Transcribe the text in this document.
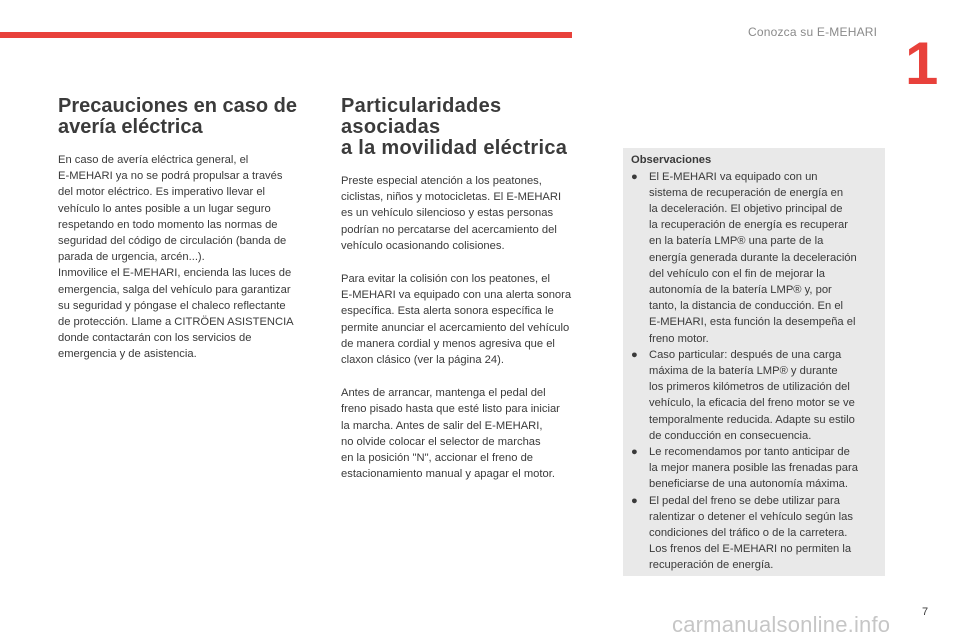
Conozca su E-MEHARI 1
Precauciones en caso de
avería eléctrica

En caso de avería eléctrica general, el
E-MEHARI ya no se podrá propulsar a través
del motor eléctrico. Es imperativo llevar el
vehículo lo antes posible a un lugar seguro
respetando en todo momento las normas de
seguridad del código de circulación (banda de
parada de urgencia, arcén...).
Inmovilice el E-MEHARI, encienda las luces de
emergencia, salga del vehículo para garantizar
su seguridad y póngase el chaleco reflectante
de protección. Llame a CITRÖEN ASISTENCIA
donde contactarán con los servicios de
emergencia y de asistencia.

Particularidades asociadas
a la movilidad eléctrica

Preste especial atención a los peatones,
ciclistas, niños y motocicletas. El E-MEHARI
es un vehículo silencioso y estas personas
podrían no percatarse del acercamiento del
vehículo ocasionando colisiones.

Para evitar la colisión con los peatones, el
E-MEHARI va equipado con una alerta sonora
específica. Esta alerta sonora específica le
permite anunciar el acercamiento del vehículo
de manera cordial y menos agresiva que el
claxon clásico (ver la página 24).

Antes de arrancar, mantenga el pedal del
freno pisado hasta que esté listo para iniciar
la marcha. Antes de salir del E-MEHARI,
no olvide colocar el selector de marchas
en la posición "N", accionar el freno de
estacionamiento manual y apagar el motor.

Observaciones
● El E-MEHARI va equipado con un
sistema de recuperación de energía en
la deceleración. El objetivo principal de
la recuperación de energía es recuperar
en la batería LMP® una parte de la
energía generada durante la deceleración
del vehículo con el fin de mejorar la
autonomía de la batería LMP® y, por
tanto, la distancia de conducción. En el
E-MEHARI, esta función la desempeña el
freno motor.
● Caso particular: después de una carga
máxima de la batería LMP® y durante
los primeros kilómetros de utilización del
vehículo, la eficacia del freno motor se ve
temporalmente reducida. Adapte su estilo
de conducción en consecuencia.
● Le recomendamos por tanto anticipar de
la mejor manera posible las frenadas para
beneficiarse de una autonomía máxima.
● El pedal del freno se debe utilizar para
ralentizar o detener el vehículo según las
condiciones del tráfico o de la carretera.
Los frenos del E-MEHARI no permiten la
recuperación de energía.
carmanualsonline.info	7
